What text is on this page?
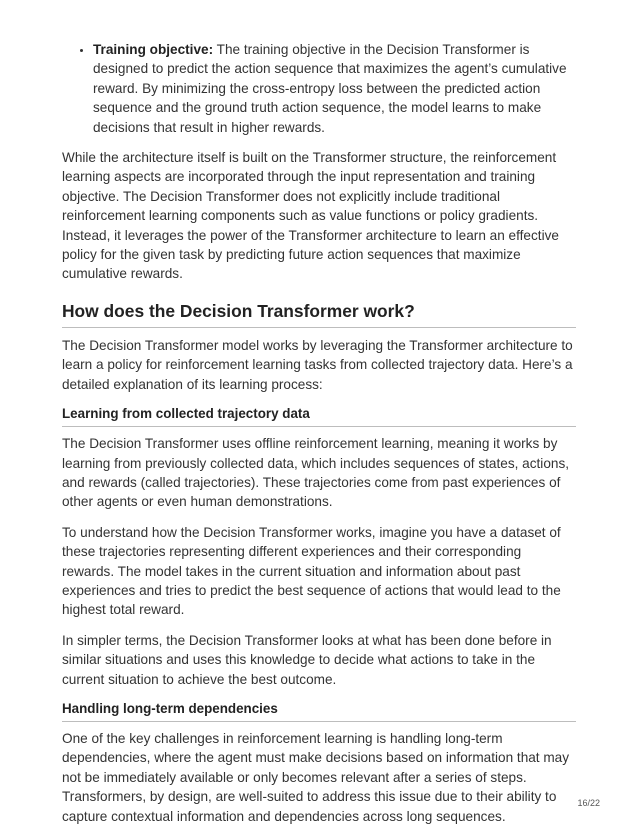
• Training objective: The training objective in the Decision Transformer is designed to predict the action sequence that maximizes the agent’s cumulative reward. By minimizing the cross-entropy loss between the predicted action sequence and the ground truth action sequence, the model learns to make decisions that result in higher rewards.

While the architecture itself is built on the Transformer structure, the reinforcement learning aspects are incorporated through the input representation and training objective. The Decision Transformer does not explicitly include traditional reinforcement learning components such as value functions or policy gradients. Instead, it leverages the power of the Transformer architecture to learn an effective policy for the given task by predicting future action sequences that maximize cumulative rewards.

How does the Decision Transformer work?

The Decision Transformer model works by leveraging the Transformer architecture to learn a policy for reinforcement learning tasks from collected trajectory data. Here’s a detailed explanation of its learning process:

Learning from collected trajectory data

The Decision Transformer uses offline reinforcement learning, meaning it works by learning from previously collected data, which includes sequences of states, actions, and rewards (called trajectories). These trajectories come from past experiences of other agents or even human demonstrations.

To understand how the Decision Transformer works, imagine you have a dataset of these trajectories representing different experiences and their corresponding rewards. The model takes in the current situation and information about past experiences and tries to predict the best sequence of actions that would lead to the highest total reward.

In simpler terms, the Decision Transformer looks at what has been done before in similar situations and uses this knowledge to decide what actions to take in the current situation to achieve the best outcome.

Handling long-term dependencies

One of the key challenges in reinforcement learning is handling long-term dependencies, where the agent must make decisions based on information that may not be immediately available or only becomes relevant after a series of steps. Transformers, by design, are well-suited to address this issue due to their ability to capture contextual information and dependencies across long sequences.

16/22
